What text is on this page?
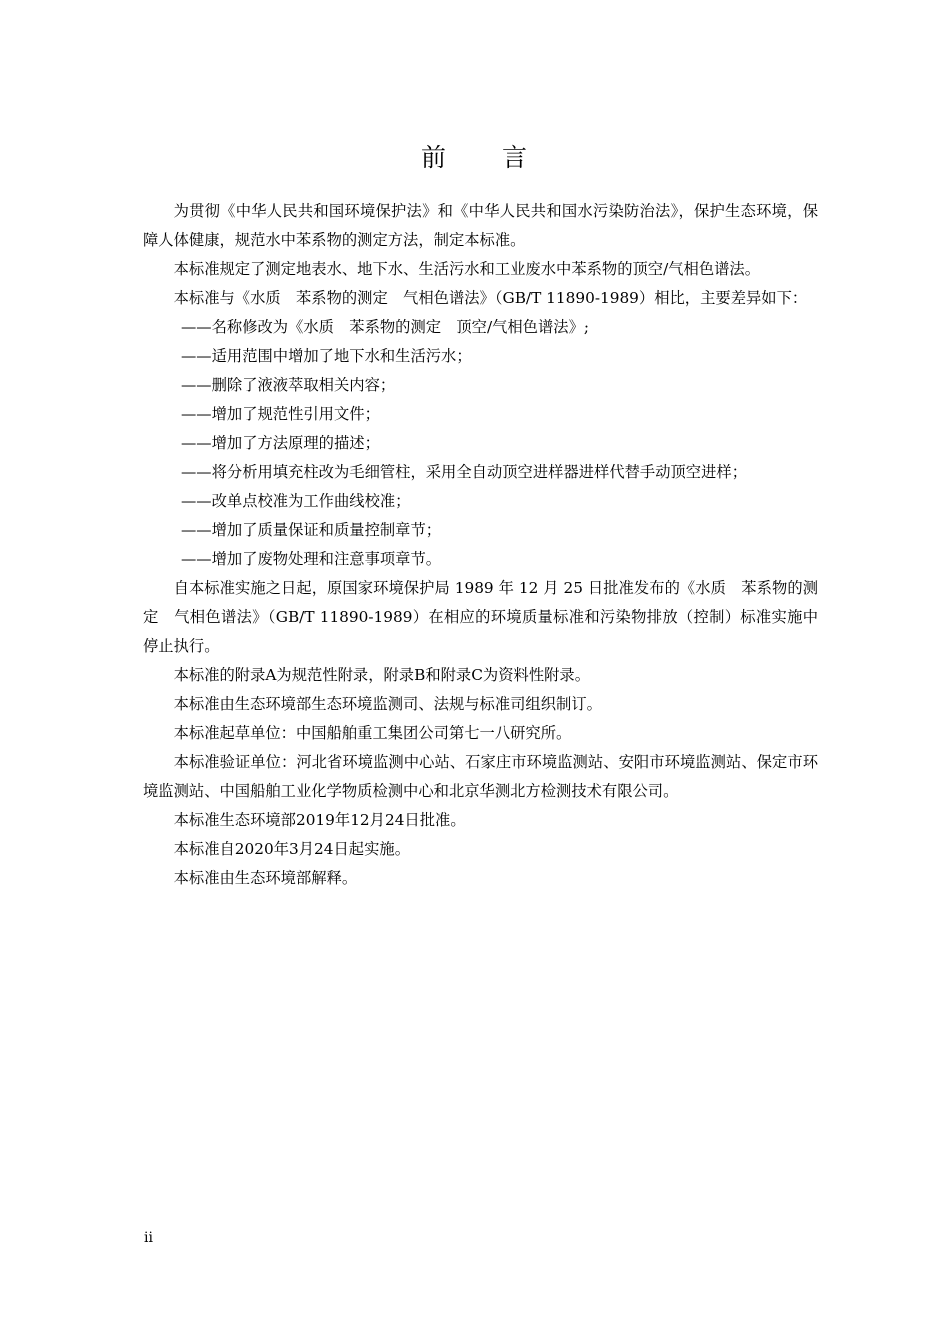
前　　言

为贯彻《中华人民共和国环境保护法》和《中华人民共和国水污染防治法》，保护生态环境，保障人体健康，规范水中苯系物的测定方法，制定本标准。

本标准规定了测定地表水、地下水、生活污水和工业废水中苯系物的顶空/气相色谱法。

本标准与《水质　苯系物的测定　气相色谱法》（GB/T 11890-1989）相比，主要差异如下：

——名称修改为《水质　苯系物的测定　顶空/气相色谱法》;

——适用范围中增加了地下水和生活污水；

——删除了液液萃取相关内容；

——增加了规范性引用文件；

——增加了方法原理的描述；

——将分析用填充柱改为毛细管柱，采用全自动顶空进样器进样代替手动顶空进样；

——改单点校准为工作曲线校准；

——增加了质量保证和质量控制章节；

——增加了废物处理和注意事项章节。

自本标准实施之日起，原国家环境保护局 1989 年 12 月 25 日批准发布的《水质　苯系物的测定　气相色谱法》（GB/T 11890-1989）在相应的环境质量标准和污染物排放（控制）标准实施中停止执行。

本标准的附录A为规范性附录，附录B和附录C为资料性附录。

本标准由生态环境部生态环境监测司、法规与标准司组织制订。

本标准起草单位：中国船舶重工集团公司第七一八研究所。

本标准验证单位：河北省环境监测中心站、石家庄市环境监测站、安阳市环境监测站、保定市环境监测站、中国船舶工业化学物质检测中心和北京华测北方检测技术有限公司。

本标准生态环境部2019年12月24日批准。

本标准自2020年3月24日起实施。

本标准由生态环境部解释。

ii
